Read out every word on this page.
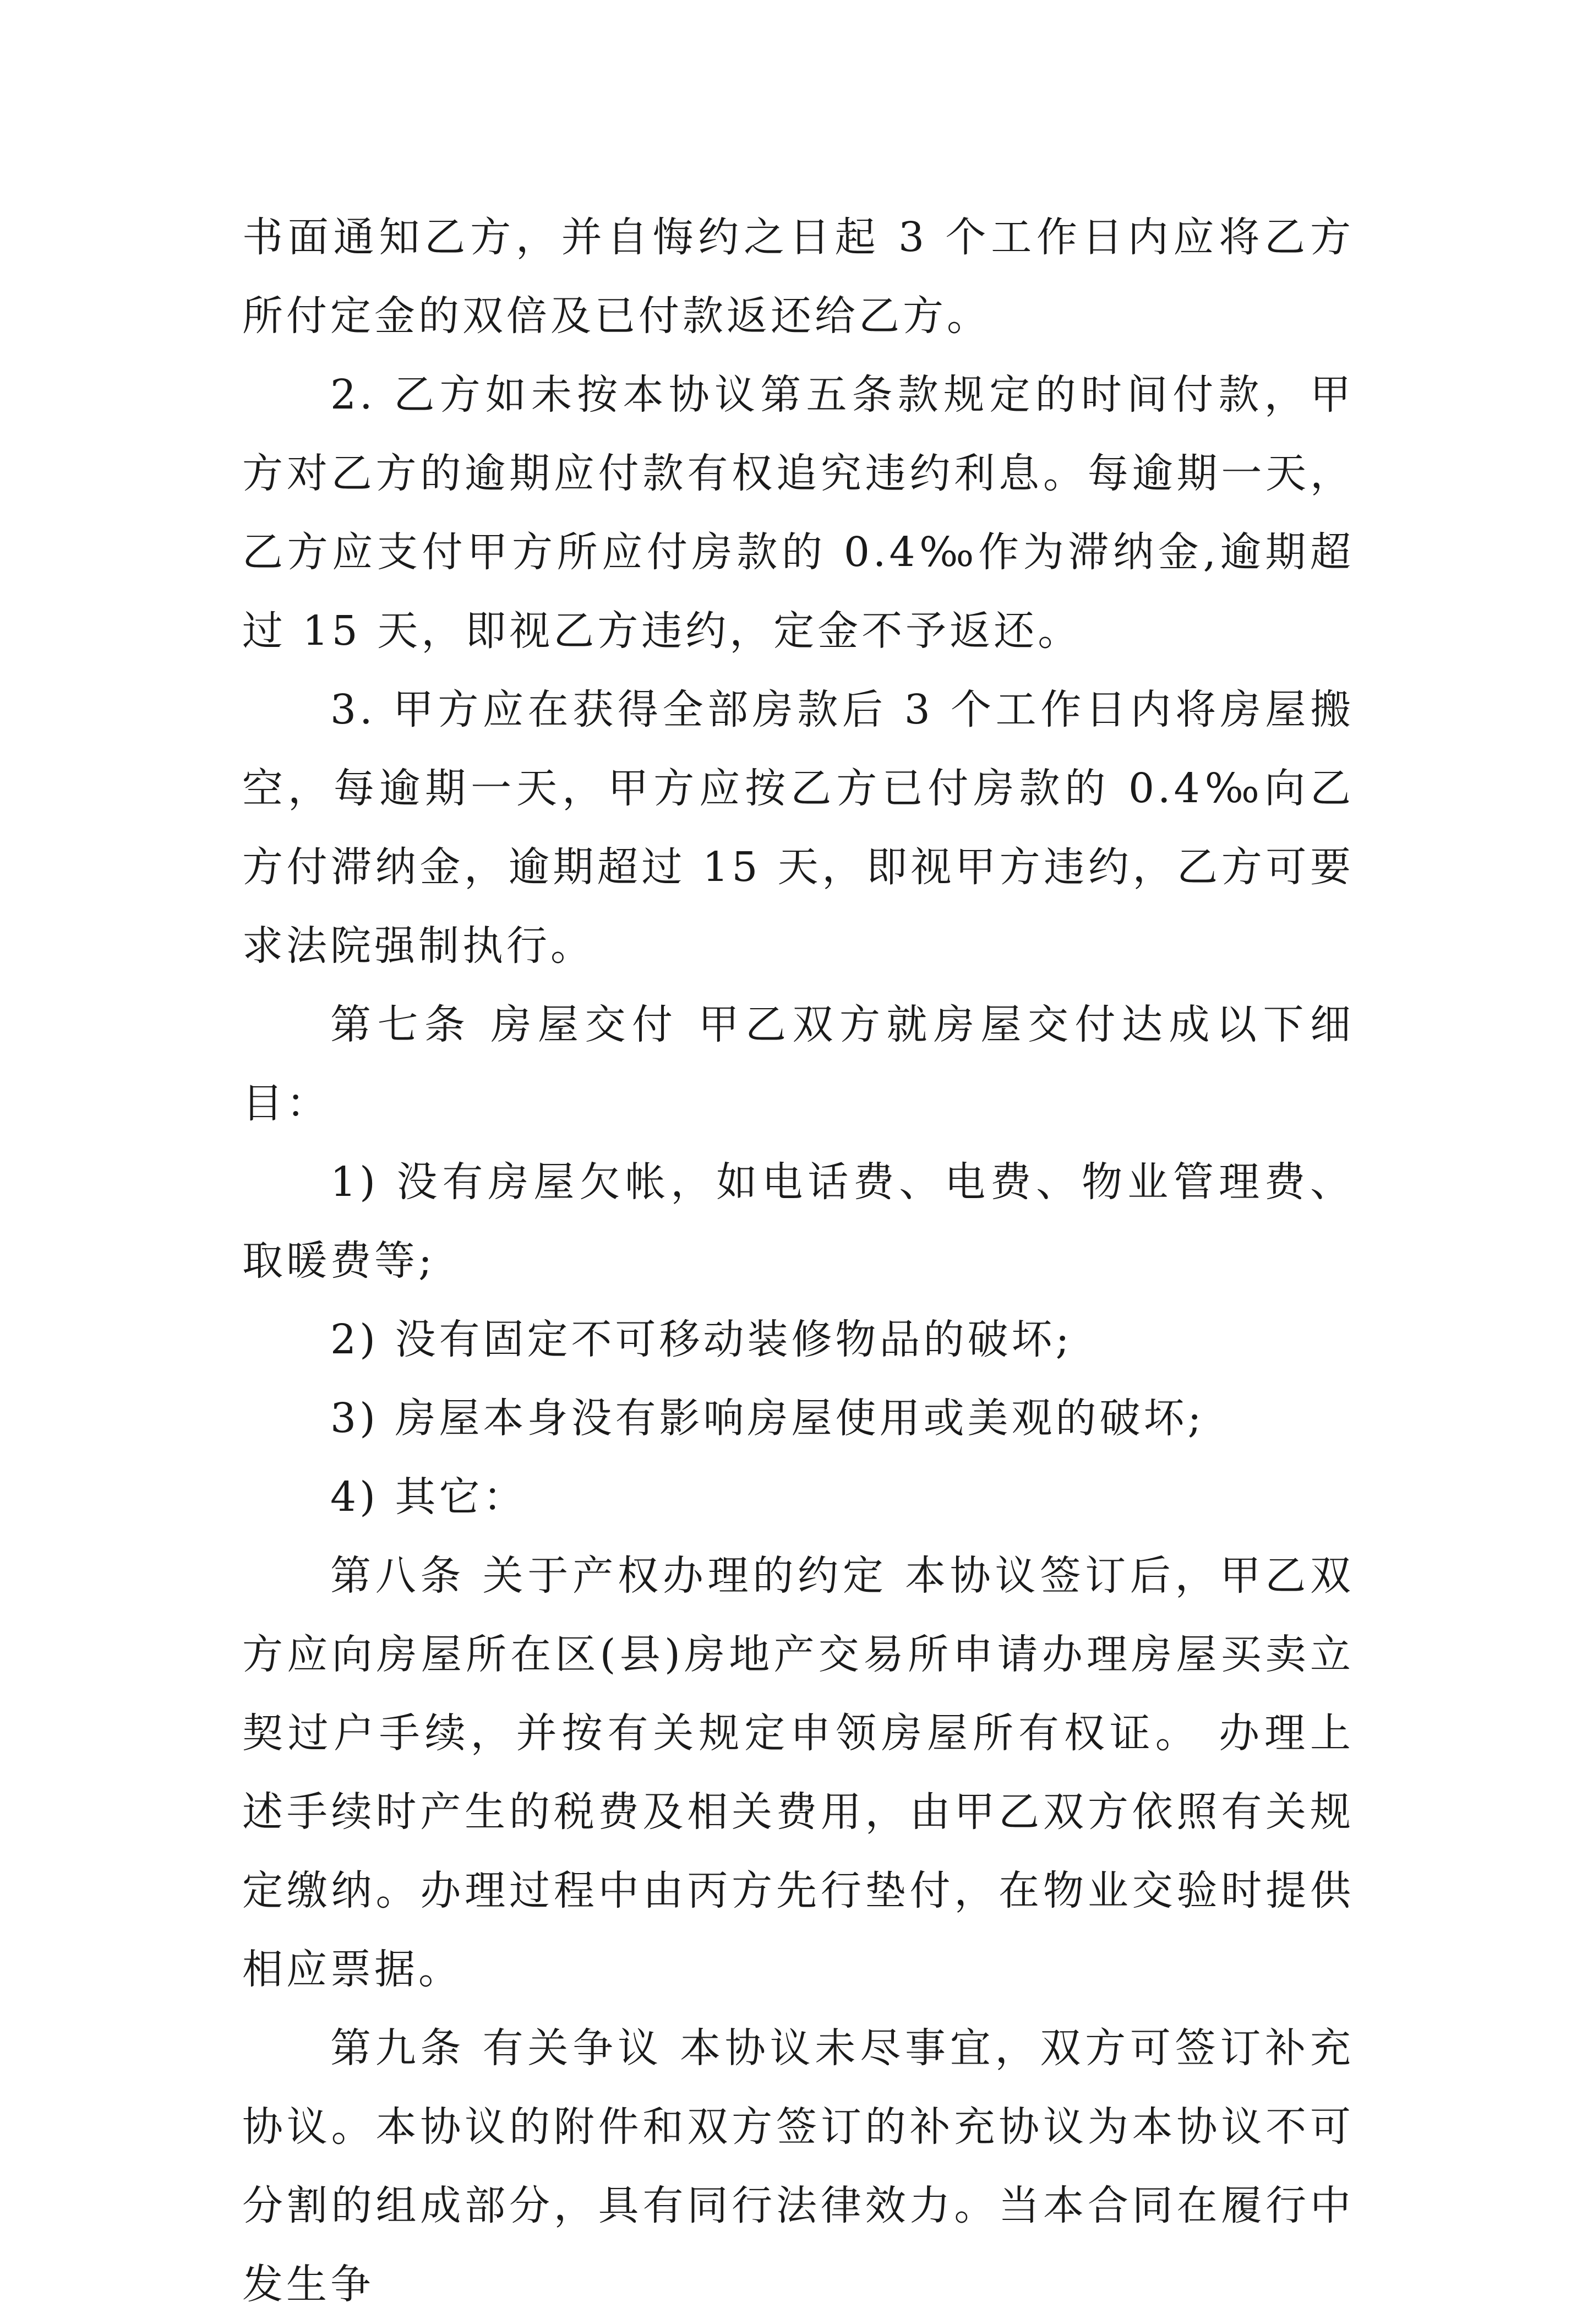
书面通知乙方，并自悔约之日起 3 个工作日内应将乙方所付定金的双倍及已付款返还给乙方。

2. 乙方如未按本协议第五条款规定的时间付款，甲方对乙方的逾期应付款有权追究违约利息。每逾期一天，乙方应支付甲方所应付房款的 0.4‰作为滞纳金,逾期超过 15 天，即视乙方违约，定金不予返还。

3. 甲方应在获得全部房款后 3 个工作日内将房屋搬空，每逾期一天，甲方应按乙方已付房款的 0.4‰向乙方付滞纳金，逾期超过 15 天，即视甲方违约，乙方可要求法院强制执行。

第七条 房屋交付 甲乙双方就房屋交付达成以下细目：

1) 没有房屋欠帐，如电话费、电费、物业管理费、取暖费等;

2) 没有固定不可移动装修物品的破坏;

3) 房屋本身没有影响房屋使用或美观的破坏;

4) 其它：

第八条 关于产权办理的约定 本协议签订后，甲乙双方应向房屋所在区(县)房地产交易所申请办理房屋买卖立契过户手续，并按有关规定申领房屋所有权证。 办理上述手续时产生的税费及相关费用，由甲乙双方依照有关规定缴纳。办理过程中由丙方先行垫付，在物业交验时提供相应票据。

第九条 有关争议 本协议未尽事宜，双方可签订补充协议。本协议的附件和双方签订的补充协议为本协议不可分割的组成部分，具有同行法律效力。当本合同在履行中发生争
